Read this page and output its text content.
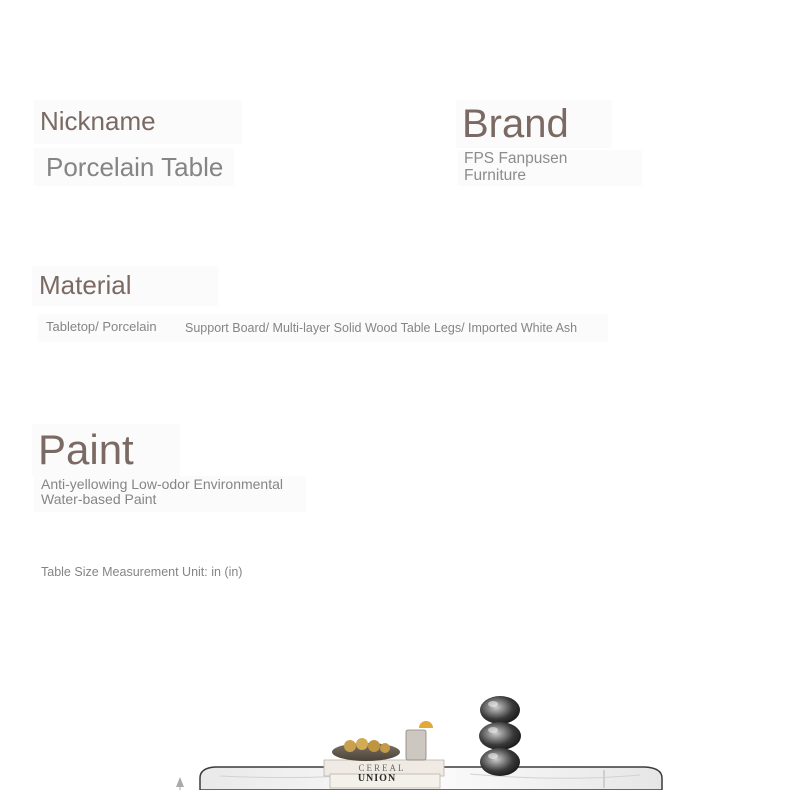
Nickname
Porcelain Table
Brand
FPS Fanpusen Furniture
Material
Tabletop/ Porcelain Support Board/ Multi-layer Solid Wood Table Legs/ Imported White Ash
Paint
Anti-yellowing Low-odor Environmental Water-based Paint
Table Size Measurement Unit: in (in)
CEREAL
UNION
